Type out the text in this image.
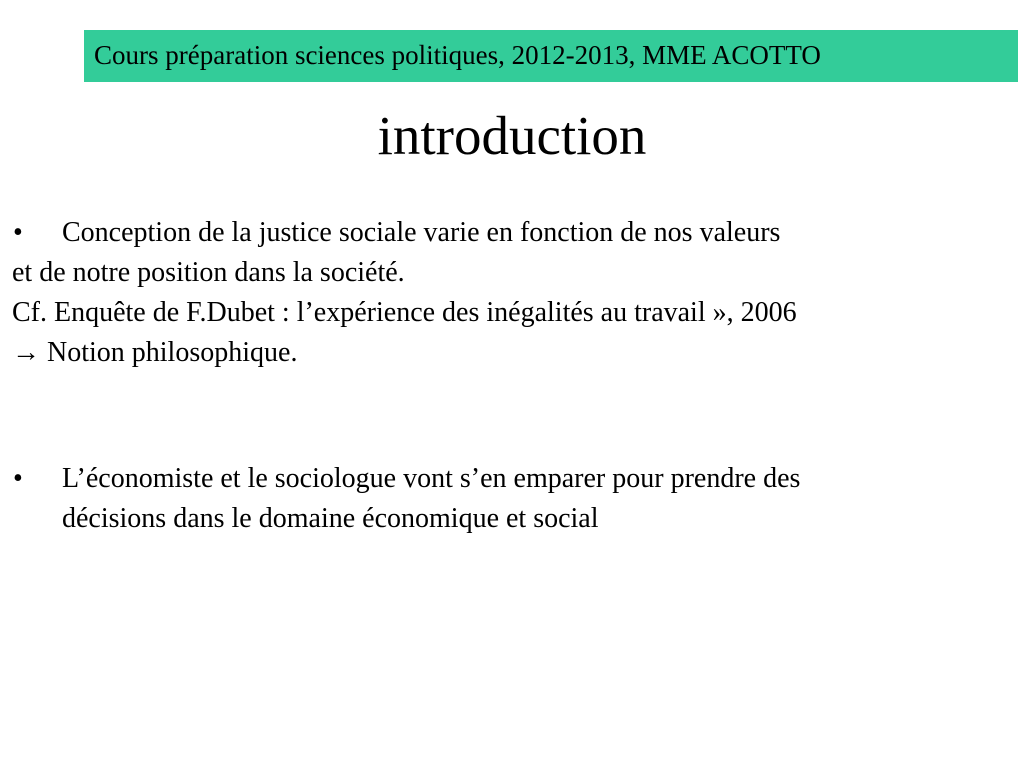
Cours préparation sciences politiques, 2012-2013, MME ACOTTO
introduction
• Conception de la justice sociale varie en fonction de nos valeurs
et de notre position dans la société.
Cf. Enquête de F.Dubet : l’expérience des inégalités au travail », 2006
→ Notion philosophique.
• L’économiste et le sociologue vont s’en emparer pour prendre des
décisions dans le domaine économique et social
